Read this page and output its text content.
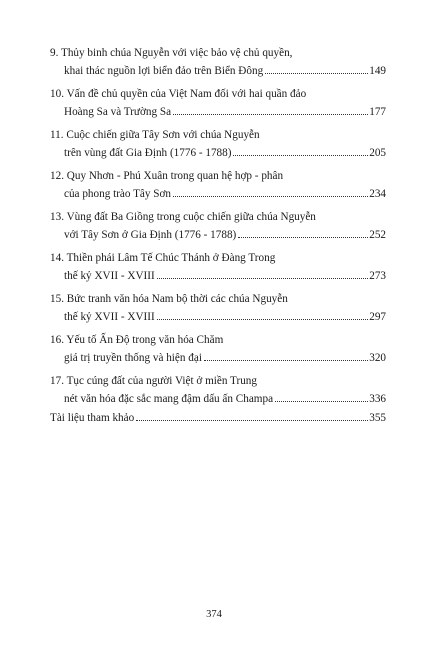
9. Thủy binh chúa Nguyễn với việc bảo vệ chủ quyền,
khai thác nguồn lợi biển đảo trên Biển Đông	149
10. Vấn đề chủ quyền của Việt Nam đối với hai quần đảo
Hoàng Sa và Trường Sa	177
11. Cuộc chiến giữa Tây Sơn với chúa Nguyễn
trên vùng đất Gia Định (1776 - 1788)	205
12. Quy Nhơn - Phú Xuân trong quan hệ hợp - phân
của phong trào Tây Sơn	234
13. Vùng đất Ba Giồng trong cuộc chiến giữa chúa Nguyễn
với Tây Sơn ở Gia Định (1776 - 1788)	252
14. Thiền phái Lâm Tế Chúc Thánh ở Đàng Trong
thế kỷ XVII - XVIII	273
15. Bức tranh văn hóa Nam bộ thời các chúa Nguyễn
thế kỷ XVII - XVIII	297
16. Yếu tố Ấn Độ trong văn hóa Chăm
giá trị truyền thống và hiện đại	320
17. Tục cúng đất của người Việt ở miền Trung
nét văn hóa đặc sắc mang đậm dấu ấn Champa	336
Tài liệu tham khảo	355
374
